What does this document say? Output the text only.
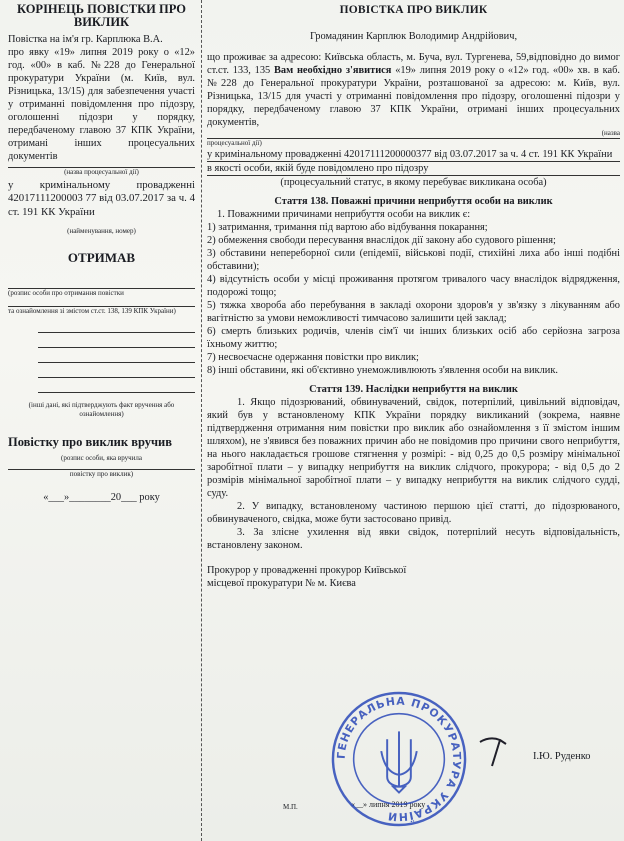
КОРІНЕЦЬ ПОВІСТКИ ПРО ВИКЛИК

Повістка на ім'я гр. Карплюка В.А.

про явку «19» липня 2019 року о «12» год. «00» в каб. №228 до Генеральної прокуратури України (м. Київ, вул. Різницька, 13/15) для забезпечення участі у отриманні повідомлення про підозру, оголошенні підозри у порядку, передбаченому главою 37 КПК України, отримані інших процесуальних документів

(назва процесуальної дії)

у кримінальному провадженні 42017111200003 77 від 03.07.2017 за ч. 4 ст. 191 КК України

(найменування, номер)

ОТРИМАВ

(розпис особи про отримання повістки

та ознайомлення зі змістом ст.ст. 138, 139 КПК України)

(інші дані, які підтверджують факт вручення або ознайомлення)

Повістку про виклик вручив

(розпис особи, яка вручила

повістку про виклик)

«___»________20___ року

ПОВІСТКА ПРО ВИКЛИК

Громадянин Карплюк Володимир Андрійович,

що проживає за адресою: Київська область, м. Буча, вул. Тургенева, 59,відповідно до вимог ст.ст. 133, 135 Вам необхідно з'явитися «19» липня 2019 року о «12» год. «00» хв. в каб. №228 до Генеральної прокуратури України, розташованої за адресою: м. Київ, вул. Різницька, 13/15 для участі у отриманні повідомлення про підозру, оголошенні підозри у порядку, передбаченому главою 37 КПК України, отримані інших процесуальних документів,

(назва

процесуальної дії)

у кримінальному провадженні 42017111200000377 від 03.07.2017 за ч. 4 ст. 191 КК України

в якості особи, якій буде повідомлено про підозру

(процесуальний статус, в якому перебуває викликана особа)

Стаття 138. Поважні причини неприбуття особи на виклик

1. Поважними причинами неприбуття особи на виклик є:

1) затримання, тримання під вартою або відбування покарання;

2) обмеження свободи пересування внаслідок дії закону або судового рішення;

3) обставини непереборної сили (епідемії, військові події, стихійні лиха або інші подібні обставини);

4) відсутність особи у місці проживання протягом тривалого часу внаслідок відрядження, подорожі тощо;

5) тяжка хвороба або перебування в закладі охорони здоров'я у зв'язку з лікуванням або вагітністю за умови неможливості тимчасово залишити цей заклад;

6) смерть близьких родичів, членів сім'ї чи інших близьких осіб або серйозна загроза їхньому життю;

7) несвоєчасне одержання повістки про виклик;

8) інші обставини, які об'єктивно унеможливлюють з'явлення особи на виклик.

Стаття 139. Наслідки неприбуття на виклик

1. Якщо підозрюваний, обвинувачений, свідок, потерпілий, цивільний відповідач, який був у встановленому КПК України порядку викликаний (зокрема, наявне підтвердження отримання ним повістки про виклик або ознайомлення з її змістом іншим шляхом), не з'явився без поважних причин або не повідомив про причини свого неприбуття, на нього накладається грошове стягнення у розмірі: - від 0,25 до 0,5 розміру мінімальної заробітної плати – у випадку неприбуття на виклик слідчого, прокурора; - від 0,5 до 2 розмірів мінімальної заробітної плати – у випадку неприбуття на виклик слідчого судді, суду.

2. У випадку, встановленому частиною першою цієї статті, до підозрюваного, обвинуваченого, свідка, може бути застосовано привід.

3. За злісне ухилення від явки свідок, потерпілий несуть відповідальність, встановлену законом.

Прокурор у провадженні прокурор Київської місцевої прокуратури № м. Києва

І.Ю. Руденко

«__» липня 2019 року

М.П.

ГЕНЕРАЛЬНА ПРОКУРАТУРА УКРАЇНИ
